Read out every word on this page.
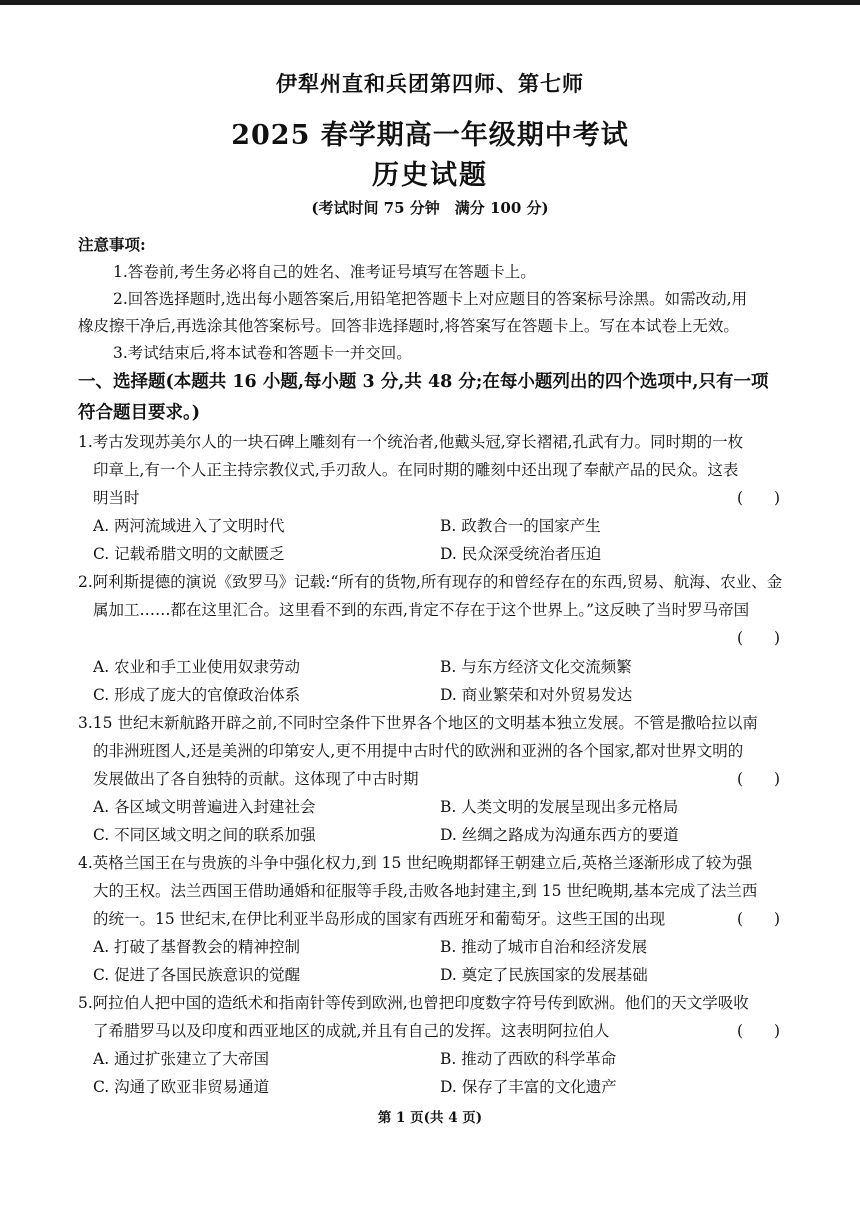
伊犁州直和兵团第四师、第七师
2025 春学期高一年级期中考试
历史试题
(考试时间 75 分钟　满分 100 分)
注意事项:
1.答卷前,考生务必将自己的姓名、准考证号填写在答题卡上。
2.回答选择题时,选出每小题答案后,用铅笔把答题卡上对应题目的答案标号涂黑。如需改动,用
橡皮擦干净后,再选涂其他答案标号。回答非选择题时,将答案写在答题卡上。写在本试卷上无效。
3.考试结束后,将本试卷和答题卡一并交回。
一、选择题(本题共 16 小题,每小题 3 分,共 48 分;在每小题列出的四个选项中,只有一项
符合题目要求。)
1.考古发现苏美尔人的一块石碑上雕刻有一个统治者,他戴头冠,穿长褶裙,孔武有力。同时期的一枚
印章上,有一个人正主持宗教仪式,手刃敌人。在同时期的雕刻中还出现了奉献产品的民众。这表
明当时	(　　)
A. 两河流域进入了文明时代	B. 政教合一的国家产生
C. 记载希腊文明的文献匮乏	D. 民众深受统治者压迫
2.阿利斯提德的演说《致罗马》记载:“所有的货物,所有现存的和曾经存在的东西,贸易、航海、农业、金
属加工……都在这里汇合。这里看不到的东西,肯定不存在于这个世界上。”这反映了当时罗马帝国
(　　)
A. 农业和手工业使用奴隶劳动	B. 与东方经济文化交流频繁
C. 形成了庞大的官僚政治体系	D. 商业繁荣和对外贸易发达
3.15 世纪末新航路开辟之前,不同时空条件下世界各个地区的文明基本独立发展。不管是撒哈拉以南
的非洲班图人,还是美洲的印第安人,更不用提中古时代的欧洲和亚洲的各个国家,都对世界文明的
发展做出了各自独特的贡献。这体现了中古时期	(　　)
A. 各区域文明普遍进入封建社会	B. 人类文明的发展呈现出多元格局
C. 不同区域文明之间的联系加强	D. 丝绸之路成为沟通东西方的要道
4.英格兰国王在与贵族的斗争中强化权力,到 15 世纪晚期都铎王朝建立后,英格兰逐渐形成了较为强
大的王权。法兰西国王借助通婚和征服等手段,击败各地封建主,到 15 世纪晚期,基本完成了法兰西
的统一。15 世纪末,在伊比利亚半岛形成的国家有西班牙和葡萄牙。这些王国的出现	(　　)
A. 打破了基督教会的精神控制	B. 推动了城市自治和经济发展
C. 促进了各国民族意识的觉醒	D. 奠定了民族国家的发展基础
5.阿拉伯人把中国的造纸术和指南针等传到欧洲,也曾把印度数字符号传到欧洲。他们的天文学吸收
了希腊罗马以及印度和西亚地区的成就,并且有自己的发挥。这表明阿拉伯人	(　　)
A. 通过扩张建立了大帝国	B. 推动了西欧的科学革命
C. 沟通了欧亚非贸易通道	D. 保存了丰富的文化遗产
第 1 页(共 4 页)
